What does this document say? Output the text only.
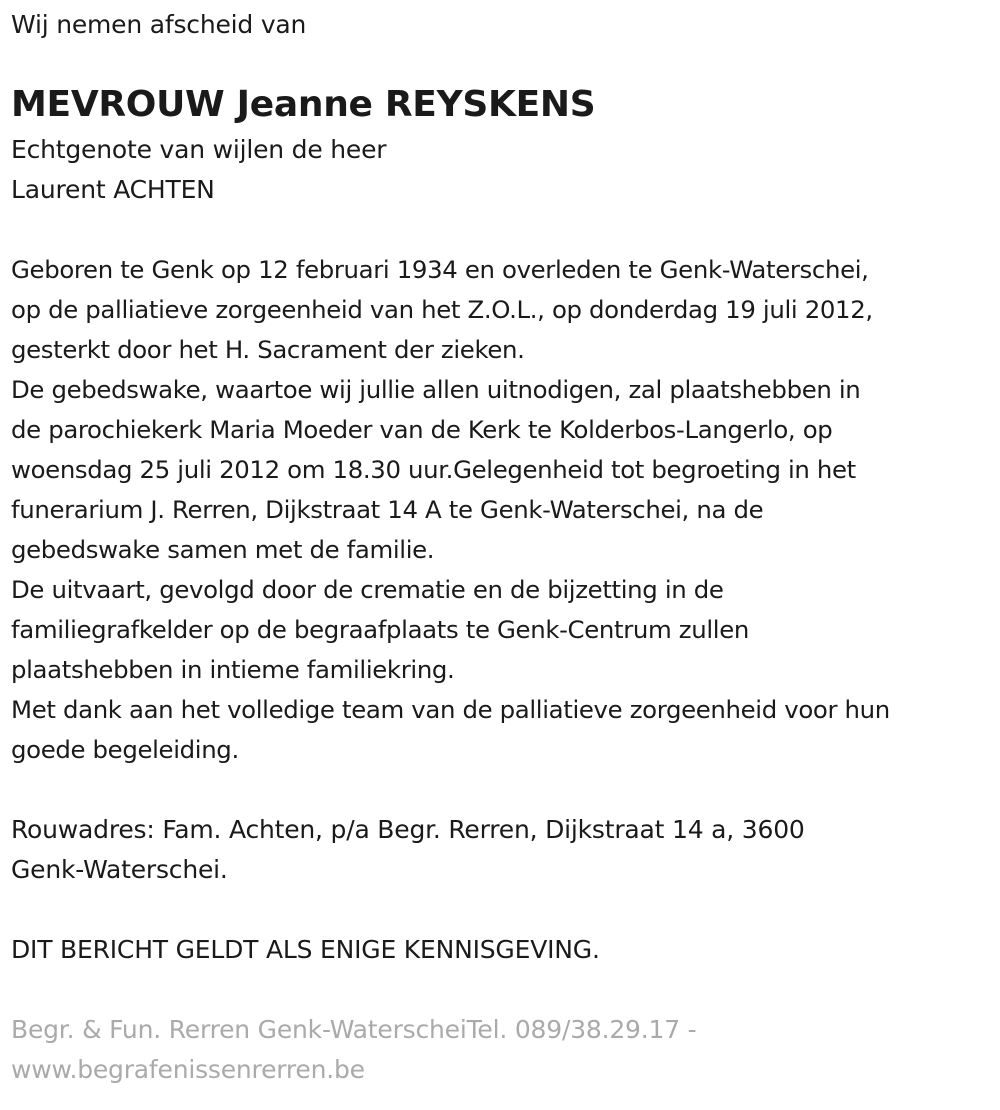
Wij nemen afscheid van
MEVROUW Jeanne REYSKENS
Echtgenote van wijlen de heer
Laurent ACHTEN
Geboren te Genk op 12 februari 1934 en overleden te Genk-Waterschei,
op de palliatieve zorgeenheid van het Z.O.L., op donderdag 19 juli 2012,
gesterkt door het H. Sacrament der zieken.
De gebedswake, waartoe wij jullie allen uitnodigen, zal plaatshebben in
de parochiekerk Maria Moeder van de Kerk te Kolderbos-Langerlo, op
woensdag 25 juli 2012 om 18.30 uur.Gelegenheid tot begroeting in het
funerarium J. Rerren, Dijkstraat 14 A te Genk-Waterschei, na de
gebedswake samen met de familie.
De uitvaart, gevolgd door de crematie en de bijzetting in de
familiegrafkelder op de begraafplaats te Genk-Centrum zullen
plaatshebben in intieme familiekring.
Met dank aan het volledige team van de palliatieve zorgeenheid voor hun
goede begeleiding.
Rouwadres: Fam. Achten, p/a Begr. Rerren, Dijkstraat 14 a, 3600
Genk-Waterschei.
DIT BERICHT GELDT ALS ENIGE KENNISGEVING.
Begr. & Fun. Rerren Genk-WaterscheiTel. 089/38.29.17 -
www.begrafenissenrerren.be
